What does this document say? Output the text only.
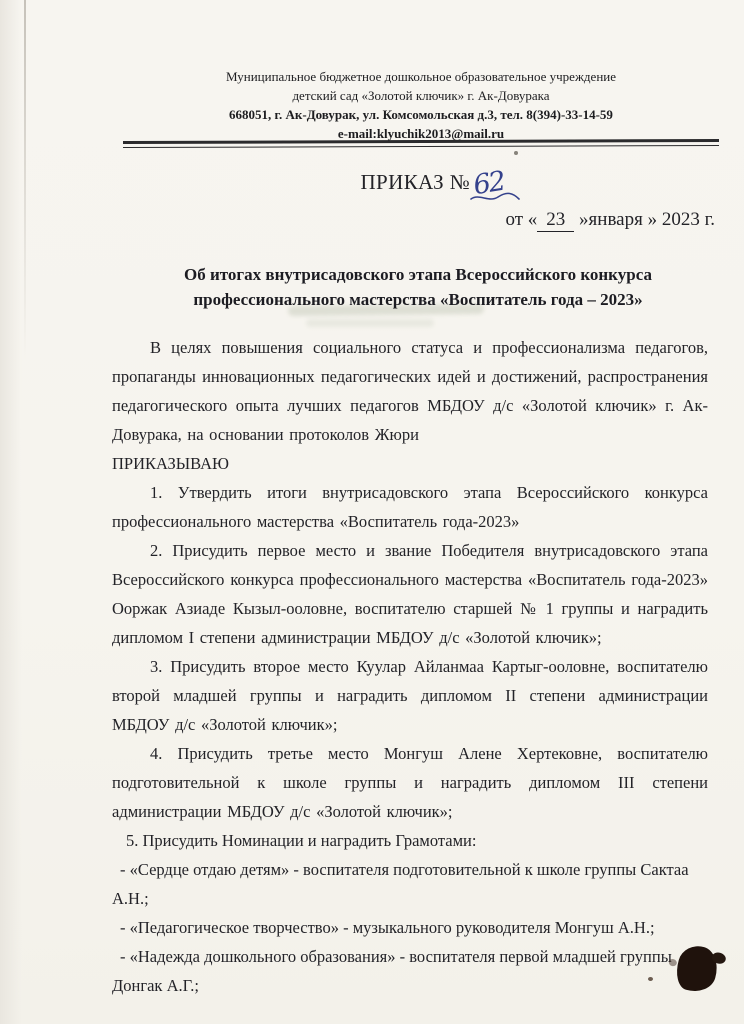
Муниципальное бюджетное дошкольное образовательное учреждение
детский сад «Золотой ключик» г. Ак-Довурака
668051, г. Ак-Довурак, ул. Комсомольская д.3, тел. 8(394)-33-14-59
e-mail:klyuchik2013@mail.ru
ПРИКАЗ №62
от « 23 »января » 2023 г.
Об итогах внутрисадовского этапа Всероссийского конкурса
профессионального мастерства «Воспитатель года – 2023»

В целях повышения социального статуса и профессионализма педагогов, пропаганды инновационных педагогических идей и достижений, распространения педагогического опыта лучших педагогов МБДОУ д/с «Золотой ключик» г. Ак-Довурака, на основании протоколов Жюри

ПРИКАЗЫВАЮ

1. Утвердить итоги внутрисадовского этапа Всероссийского конкурса профессионального мастерства «Воспитатель года-2023»

2. Присудить первое место и звание Победителя внутрисадовского этапа Всероссийского конкурса профессионального мастерства «Воспитатель года-2023» Ооржак Азиаде Кызыл-ооловне, воспитателю старшей № 1 группы и наградить дипломом I степени администрации МБДОУ д/с «Золотой ключик»;

3. Присудить второе место Куулар Айланмаа Картыг-ооловне, воспитателю второй младшей группы и наградить дипломом II степени администрации МБДОУ д/с «Золотой ключик»;

4. Присудить третье место Монгуш Алене Хертековне, воспитателю подготовительной к школе группы и наградить дипломом III степени администрации МБДОУ д/с «Золотой ключик»;

5. Присудить Номинации и наградить Грамотами:

- «Сердце отдаю детям» - воспитателя подготовительной к школе группы Сактаа А.Н.;

- «Педагогическое творчество» - музыкального руководителя Монгуш А.Н.;

- «Надежда дошкольного образования» - воспитателя первой младшей группы Донгак А.Г.;
